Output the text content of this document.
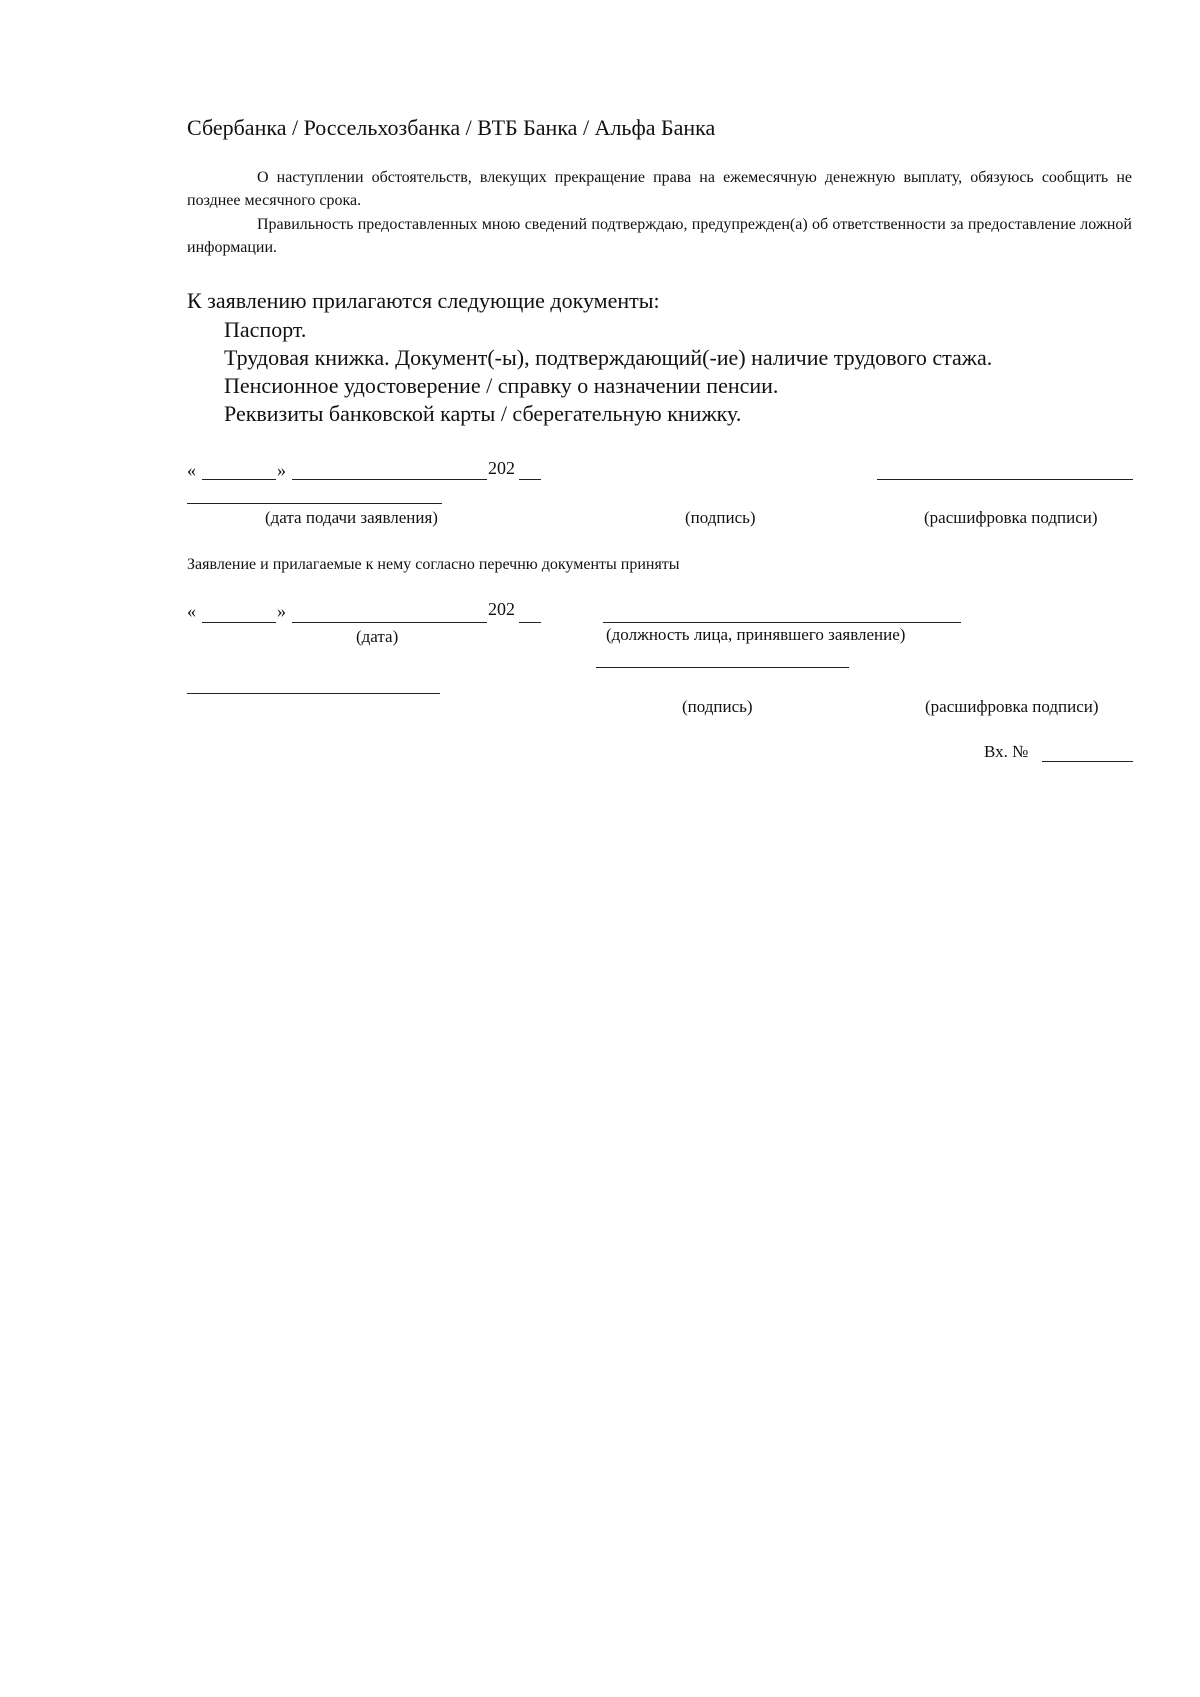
Сбербанка / Россельхозбанка / ВТБ Банка / Альфа Банка
О наступлении обстоятельств, влекущих прекращение права на ежемесячную денежную выплату, обязуюсь сообщить не позднее месячного срока.
Правильность предоставленных мною сведений подтверждаю, предупрежден(а) об ответственности за предоставление ложной информации.
К заявлению прилагаются следующие документы:
Паспорт.
Трудовая книжка. Документ(-ы), подтверждающий(-ие) наличие трудового стажа.
Пенсионное удостоверение / справку о назначении пенсии.
Реквизиты банковской карты / сберегательную книжку.
«	»	202
(дата подачи заявления)	(подпись)	(расшифровка подписи)
Заявление и прилагаемые к нему согласно перечню документы приняты
«	»	202
(дата)	(должность лица, принявшего заявление)
(подпись)	(расшифровка подписи)
Вх. №
